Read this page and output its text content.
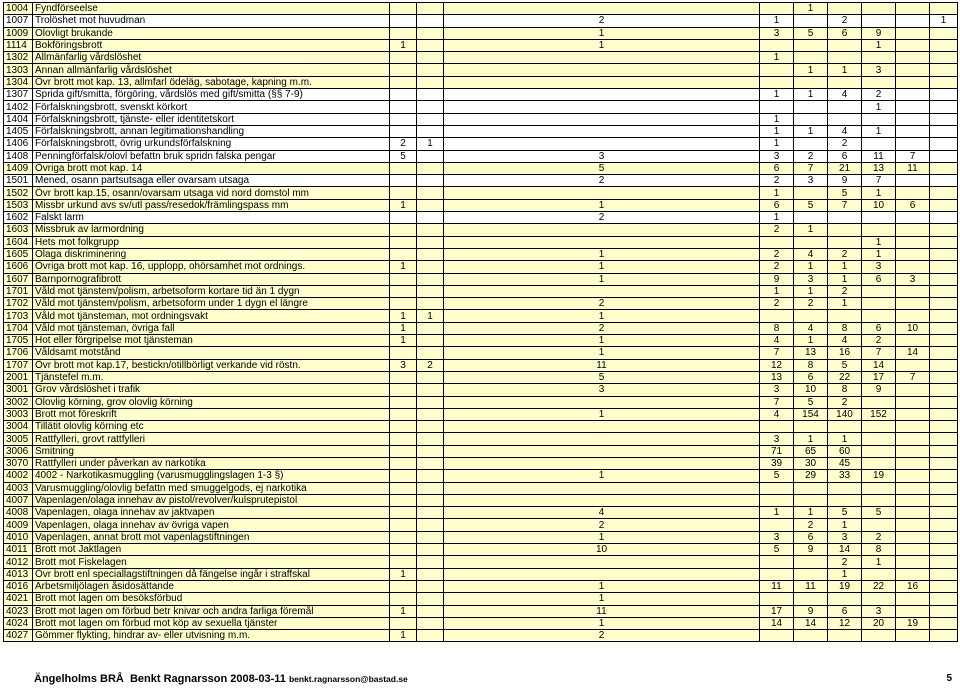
1004	Fyndförseelse					1						
1007	Trolöshet mot huvudman			2	1		2			1		
1009	Olovligt brukande			1	3	5	6	9				
1114	Bokföringsbrott	1		1				1				
1302	Allmänfarlig vårdslöshet				1							
1303	Annan allmänfarlig vårdslöshet					1	1	3				
1304	Övr brott mot kap. 13, allmfarl ödeläg, sabotage, kapning m.m.											
1307	Sprida gift/smitta, förgöring, vårdslös med gift/smitta (§§ 7-9)				1	1	4	2				
1402	Förfalskningsbrott, svenskt körkort							1				
1404	Förfalskningsbrott, tjänste- eller identitetskort				1							
1405	Förfalskningsbrott, annan legitimationshandling				1	1	4	1				
1406	Förfalskningsbrott, övrig urkundsförfalskning	2	1		1		2					
1408	Penningförfalsk/olovl befattn bruk spridn falska pengar	5		3	3	2	6	11	7			
1409	Övriga brott mot kap. 14			5	6	7	21	13	11			
1501	Mened, osann partsutsaga eller ovarsam utsaga			2	2	3	9	7				
1502	Övr brott kap.15, osann/ovarsam utsaga vid nord domstol mm				1		5	1				
1503	Missbr urkund avs sv/utl pass/resedok/främlingspass mm	1		1	6	5	7	10	6			
1602	Falskt larm			2	1							
1603	Missbruk av larmordning				2	1						
1604	Hets mot folkgrupp							1				
1605	Olaga diskriminering			1	2	4	2	1				
1606	Övriga brott mot kap. 16, upplopp, ohörsamhet mot ordnings.	1		1	2	1	1	3				
1607	Barnpornografibrott			1	9	3	1	6	3			
1701	Våld mot tjänstem/polism, arbetsoform kortare tid än 1 dygn				1	1	2					
1702	Våld mot tjänstem/polism, arbetsoform under 1 dygn el längre			2	2	2	1					
1703	Våld mot tjänsteman, mot ordningsvakt	1	1	1								
1704	Våld mot tjänsteman, övriga fall	1		2	8	4	8	6	10			
1705	Hot eller förgripelse mot tjänsteman	1		1	4	1	4	2				
1706	Våldsamt motstånd			1	7	13	16	7	14			
1707	Övr brott mot kap.17, bestickn/otillbörligt verkande vid röstn.	3	2	11	12	8	5	14				
2001	Tjänstefel m.m.			5	13	6	22	17	7			
3001	Grov vårdslöshet i trafik			3	3	10	8	9				
3002	Olovlig körning, grov olovlig körning				7	5	2					
3003	Brott mot föreskrift			1	4	154	140	152				
3004	Tillätit olovlig körning etc											
3005	Rattfylleri, grovt rattfylleri				3	1	1					
3006	Smitning				71	65	60					
3070	Rattfylleri under påverkan av narkotika				39	30	45					
4002	4002 - Narkotikasmuggling (varusmugglingslagen 1-3 §)			1	5	29	33	19				
4003	Varusmuggling/olovlig befattn med smuggelgods, ej narkotika											
4007	Vapenlagen/olaga innehav av pistol/revolver/kulsprutepistol											
4008	Vapenlagen, olaga innehav av jaktvapen			4	1	1	5	5				
4009	Vapenlagen, olaga innehav av övriga vapen			2		2	1					
4010	Vapenlagen, annat brott mot vapenlagstiftningen			1	3	6	3	2				
4011	Brott mot Jaktlagen			10	5	9	14	8				
4012	Brott mot Fiskelagen						2	1				
4013	Övr brott enl speciallagstiftningen då fängelse ingår i straffskal	1					1					
4016	Arbetsmiljölagen åsidosättande			1	11	11	19	22	16			
4021	Brott mot lagen om besöksförbud			1								
4023	Brott mot lagen om förbud betr knivar och andra farliga föremål	1		11	17	9	6	3				
4024	Brott mot lagen om förbud mot köp av sexuella tjänster			1	14	14	12	20	19			
4027	Gömmer flykting, hindrar av- eller utvisning m.m.	1		2								
Ängelholms BRÅ Benkt Ragnarsson 2008-03-11 benkt.ragnarsson@bastad.se	5
